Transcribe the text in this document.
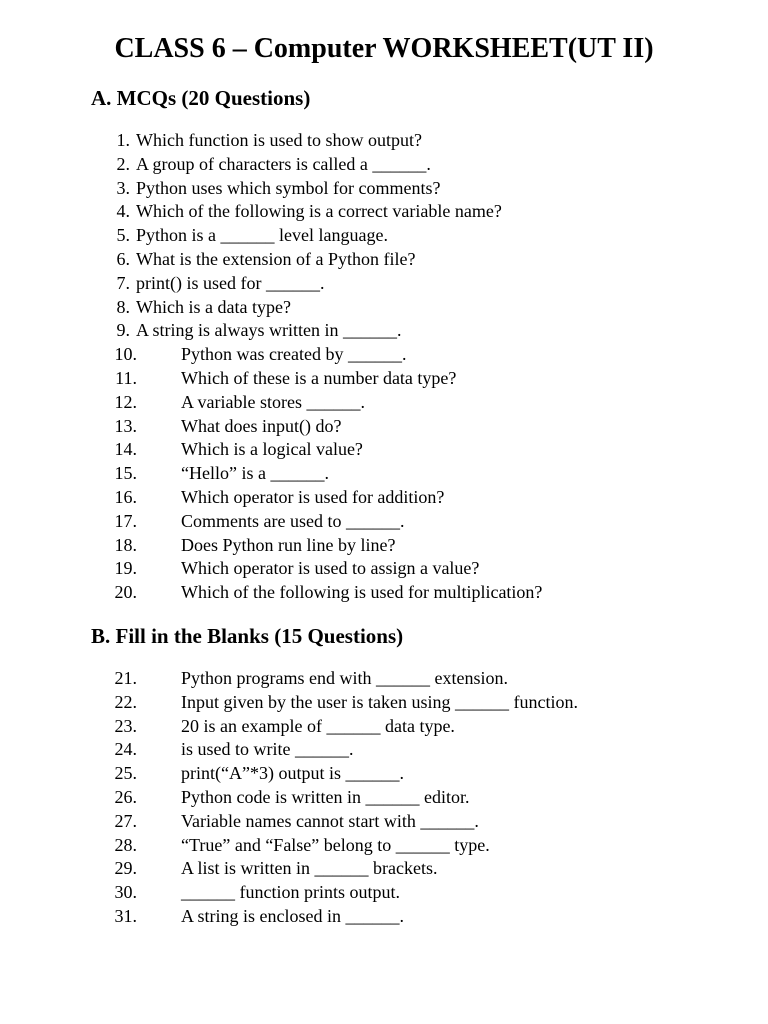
CLASS 6 – Computer WORKSHEET(UT II)
A. MCQs (20 Questions)
1. Which function is used to show output?
2. A group of characters is called a ______.
3. Python uses which symbol for comments?
4. Which of the following is a correct variable name?
5. Python is a ______ level language.
6. What is the extension of a Python file?
7. print() is used for ______.
8. Which is a data type?
9. A string is always written in ______.
10. Python was created by ______.
11. Which of these is a number data type?
12. A variable stores ______.
13. What does input() do?
14. Which is a logical value?
15. “Hello” is a ______.
16. Which operator is used for addition?
17. Comments are used to ______.
18. Does Python run line by line?
19. Which operator is used to assign a value?
20. Which of the following is used for multiplication?
B. Fill in the Blanks (15 Questions)
21. Python programs end with ______ extension.
22. Input given by the user is taken using ______ function.
23. 20 is an example of ______ data type.
24. is used to write ______.
25. print(“A”*3) output is ______.
26. Python code is written in ______ editor.
27. Variable names cannot start with ______.
28. “True” and “False” belong to ______ type.
29. A list is written in ______ brackets.
30. ______ function prints output.
31. A string is enclosed in ______.
